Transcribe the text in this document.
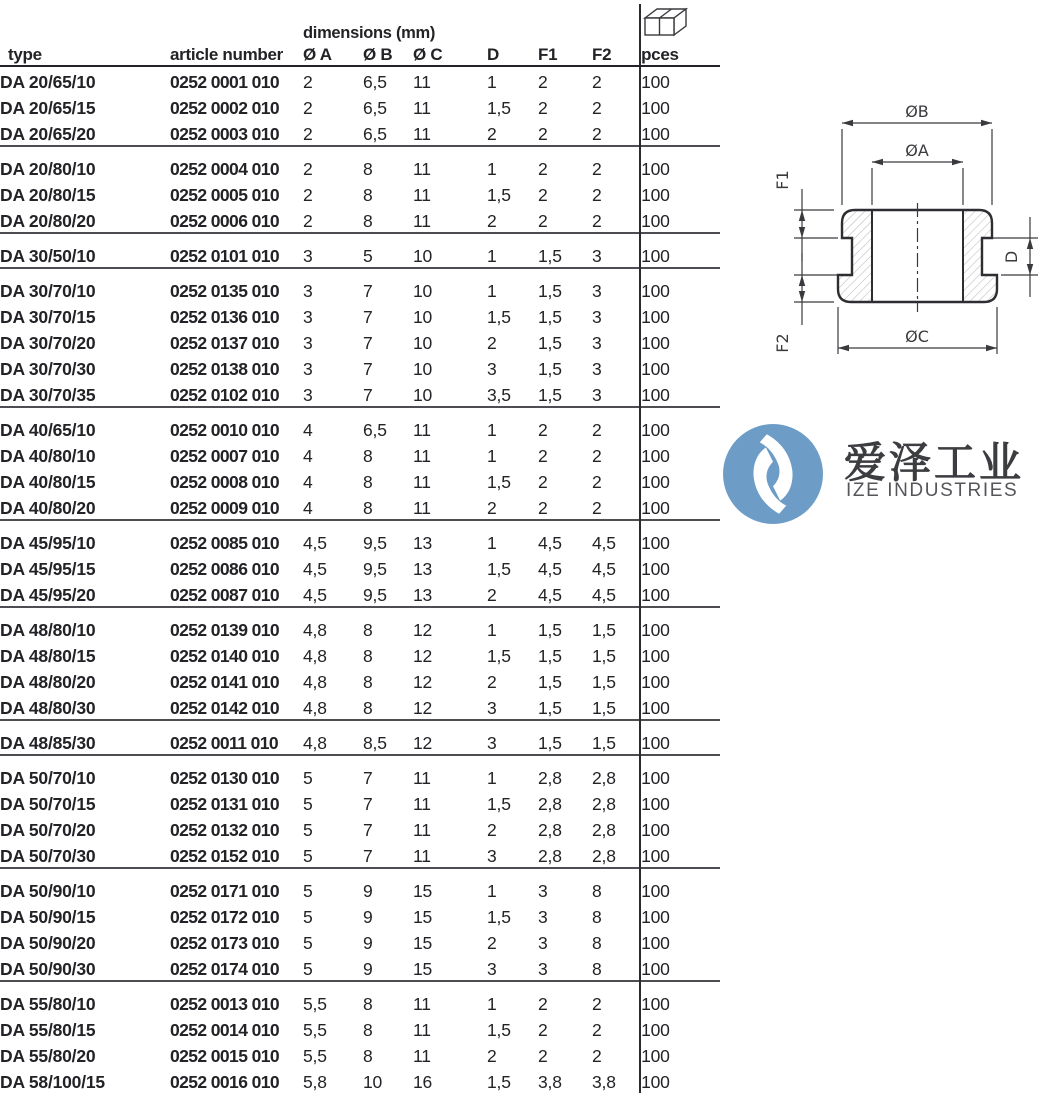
		dimensions (mm)	
type	article number	Ø A	Ø B	Ø C	D	F1	F2	pces
DA 20/65/10	0252 0001 010	2	6,5	11	1	2	2	100
DA 20/65/15	0252 0002 010	2	6,5	11	1,5	2	2	100
DA 20/65/20	0252 0003 010	2	6,5	11	2	2	2	100
DA 20/80/10	0252 0004 010	2	8	11	1	2	2	100
DA 20/80/15	0252 0005 010	2	8	11	1,5	2	2	100
DA 20/80/20	0252 0006 010	2	8	11	2	2	2	100
DA 30/50/10	0252 0101 010	3	5	10	1	1,5	3	100
DA 30/70/10	0252 0135 010	3	7	10	1	1,5	3	100
DA 30/70/15	0252 0136 010	3	7	10	1,5	1,5	3	100
DA 30/70/20	0252 0137 010	3	7	10	2	1,5	3	100
DA 30/70/30	0252 0138 010	3	7	10	3	1,5	3	100
DA 30/70/35	0252 0102 010	3	7	10	3,5	1,5	3	100
DA 40/65/10	0252 0010 010	4	6,5	11	1	2	2	100
DA 40/80/10	0252 0007 010	4	8	11	1	2	2	100
DA 40/80/15	0252 0008 010	4	8	11	1,5	2	2	100
DA 40/80/20	0252 0009 010	4	8	11	2	2	2	100
DA 45/95/10	0252 0085 010	4,5	9,5	13	1	4,5	4,5	100
DA 45/95/15	0252 0086 010	4,5	9,5	13	1,5	4,5	4,5	100
DA 45/95/20	0252 0087 010	4,5	9,5	13	2	4,5	4,5	100
DA 48/80/10	0252 0139 010	4,8	8	12	1	1,5	1,5	100
DA 48/80/15	0252 0140 010	4,8	8	12	1,5	1,5	1,5	100
DA 48/80/20	0252 0141 010	4,8	8	12	2	1,5	1,5	100
DA 48/80/30	0252 0142 010	4,8	8	12	3	1,5	1,5	100
DA 48/85/30	0252 0011 010	4,8	8,5	12	3	1,5	1,5	100
DA 50/70/10	0252 0130 010	5	7	11	1	2,8	2,8	100
DA 50/70/15	0252 0131 010	5	7	11	1,5	2,8	2,8	100
DA 50/70/20	0252 0132 010	5	7	11	2	2,8	2,8	100
DA 50/70/30	0252 0152 010	5	7	11	3	2,8	2,8	100
DA 50/90/10	0252 0171 010	5	9	15	1	3	8	100
DA 50/90/15	0252 0172 010	5	9	15	1,5	3	8	100
DA 50/90/20	0252 0173 010	5	9	15	2	3	8	100
DA 50/90/30	0252 0174 010	5	9	15	3	3	8	100
DA 55/80/10	0252 0013 010	5,5	8	11	1	2	2	100
DA 55/80/15	0252 0014 010	5,5	8	11	1,5	2	2	100
DA 55/80/20	0252 0015 010	5,5	8	11	2	2	2	100
DA 58/100/15	0252 0016 010	5,8	10	16	1,5	3,8	3,8	100
ØB
ØA
ØC
F1
F2
D
爱泽工业
IZE INDUSTRIES
